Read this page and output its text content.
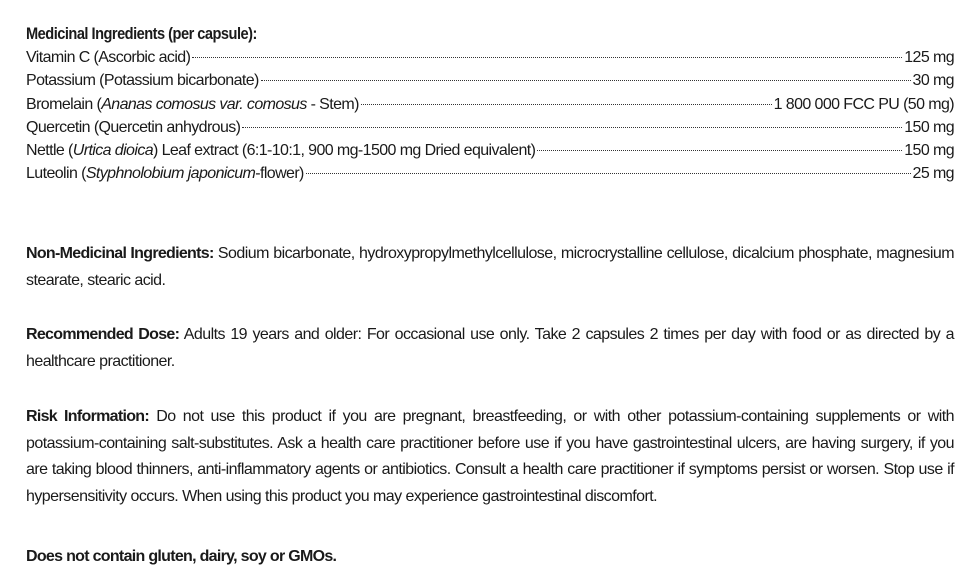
Medicinal Ingredients (per capsule):
Vitamin C (Ascorbic acid)	125 mg
Potassium (Potassium bicarbonate)	30 mg
Bromelain (Ananas comosus var. comosus - Stem)	1 800 000 FCC PU (50 mg)
Quercetin (Quercetin anhydrous)	150 mg
Nettle (Urtica dioica) Leaf extract (6:1-10:1, 900 mg-1500 mg Dried equivalent)	150 mg
Luteolin (Styphnolobium japonicum-flower)	25 mg

Non-Medicinal Ingredients: Sodium bicarbonate, hydroxypropylmethylcellulose, microcrystalline cellulose, dicalcium phosphate, magnesium stearate, stearic acid.

Recommended Dose: Adults 19 years and older: For occasional use only. Take 2 capsules 2 times per day with food or as directed by a healthcare practitioner.

Risk Information: Do not use this product if you are pregnant, breastfeeding, or with other potassium-containing supplements or with potassium-containing salt-substitutes. Ask a health care practitioner before use if you have gastrointestinal ulcers, are having surgery, if you are taking blood thinners, anti-inflammatory agents or antibiotics. Consult a health care practitioner if symptoms persist or worsen. Stop use if hypersensitivity occurs. When using this product you may experience gastrointestinal discomfort.

Does not contain gluten, dairy, soy or GMOs.
